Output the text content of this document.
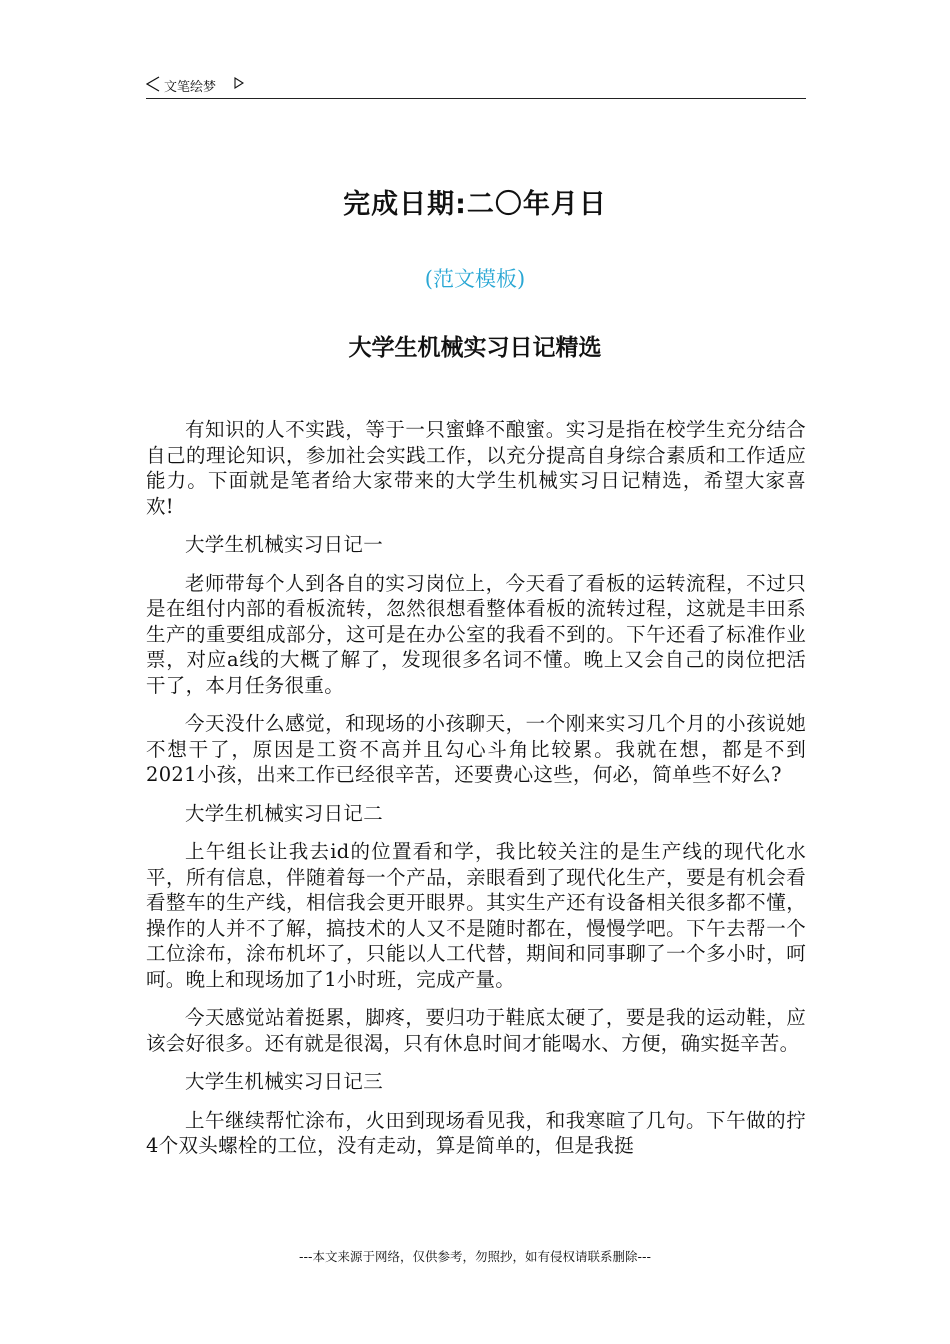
文笔绘梦
完成日期:二〇年月日
(范文模板)
大学生机械实习日记精选

有知识的人不实践，等于一只蜜蜂不酿蜜。实习是指在校学生充分结合自己的理论知识，参加社会实践工作，以充分提高自身综合素质和工作适应能力。下面就是笔者给大家带来的大学生机械实习日记精选，希望大家喜欢!

大学生机械实习日记一

老师带每个人到各自的实习岗位上，今天看了看板的运转流程，不过只是在组付内部的看板流转，忽然很想看整体看板的流转过程，这就是丰田系生产的重要组成部分，这可是在办公室的我看不到的。下午还看了标准作业票，对应a线的大概了解了，发现很多名词不懂。晚上又会自己的岗位把活干了，本月任务很重。

今天没什么感觉，和现场的小孩聊天，一个刚来实习几个月的小孩说她不想干了，原因是工资不高并且勾心斗角比较累。我就在想，都是不到2021小孩，出来工作已经很辛苦，还要费心这些，何必，简单些不好么?

大学生机械实习日记二

上午组长让我去id的位置看和学，我比较关注的是生产线的现代化水平，所有信息，伴随着每一个产品，亲眼看到了现代化生产，要是有机会看看整车的生产线，相信我会更开眼界。其实生产还有设备相关很多都不懂，操作的人并不了解，搞技术的人又不是随时都在，慢慢学吧。下午去帮一个工位涂布，涂布机坏了，只能以人工代替，期间和同事聊了一个多小时，呵呵。晚上和现场加了1小时班，完成产量。

今天感觉站着挺累，脚疼，要归功于鞋底太硬了，要是我的运动鞋，应该会好很多。还有就是很渴，只有休息时间才能喝水、方便，确实挺辛苦。

大学生机械实习日记三

上午继续帮忙涂布，火田到现场看见我，和我寒暄了几句。下午做的拧4个双头螺栓的工位，没有走动，算是简单的，但是我挺

---本文来源于网络，仅供参考，勿照抄，如有侵权请联系删除---
